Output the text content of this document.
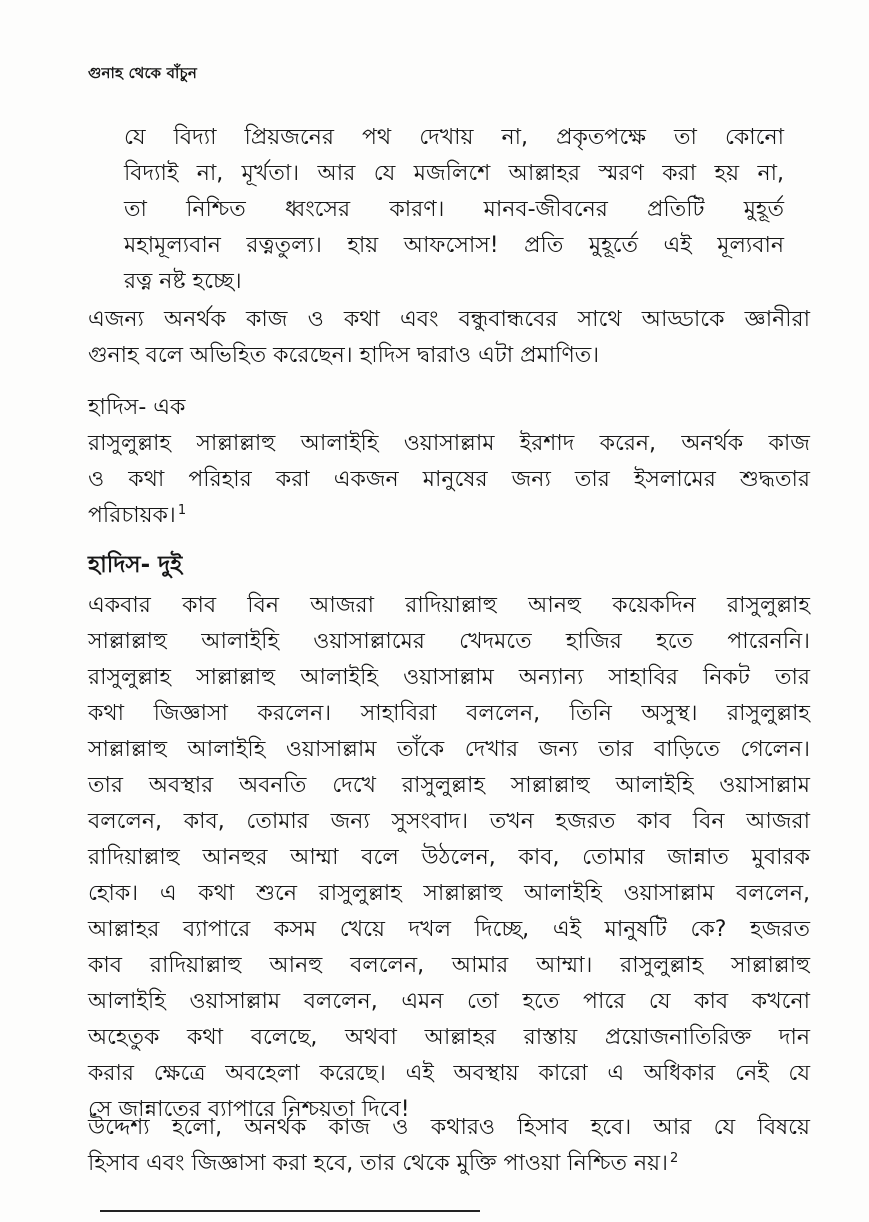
গুনাহ থেকে বাঁচুন
যে বিদ্যা প্রিয়জনের পথ দেখায় না, প্রকৃতপক্ষে তা কোনো
বিদ্যাই না, মূর্খতা। আর যে মজলিশে আল্লাহর স্মরণ করা হয় না,
তা নিশ্চিত ধ্বংসের কারণ। মানব-জীবনের প্রতিটি মুহূর্ত
মহামূল্যবান রত্নতুল্য। হায় আফসোস! প্রতি মুহূর্তে এই মূল্যবান
রত্ন নষ্ট হচ্ছে।
এজন্য অনর্থক কাজ ও কথা এবং বন্ধুবান্ধবের সাথে আড্ডাকে জ্ঞানীরা
গুনাহ বলে অভিহিত করেছেন। হাদিস দ্বারাও এটা প্রমাণিত।
হাদিস- এক
রাসুলুল্লাহ সাল্লাল্লাহু আলাইহি ওয়াসাল্লাম ইরশাদ করেন, অনর্থক কাজ
ও কথা পরিহার করা একজন মানুষের জন্য তার ইসলামের শুদ্ধতার
পরিচায়ক। $^1$
হাদিস- দুই
একবার কাব বিন আজরা রাদিয়াল্লাহু আনহু কয়েকদিন রাসুলুল্লাহ
সাল্লাল্লাহু আলাইহি ওয়াসাল্লামের খেদমতে হাজির হতে পারেননি।
রাসুলুল্লাহ সাল্লাল্লাহু আলাইহি ওয়াসাল্লাম অন্যান্য সাহাবির নিকট তার
কথা জিজ্ঞাসা করলেন। সাহাবিরা বললেন, তিনি অসুস্থ। রাসুলুল্লাহ
সাল্লাল্লাহু আলাইহি ওয়াসাল্লাম তাঁকে দেখার জন্য তার বাড়িতে গেলেন।
তার অবস্থার অবনতি দেখে রাসুলুল্লাহ সাল্লাল্লাহু আলাইহি ওয়াসাল্লাম
বললেন, কাব, তোমার জন্য সুসংবাদ। তখন হজরত কাব বিন আজরা
রাদিয়াল্লাহু আনহুর আম্মা বলে উঠলেন, কাব, তোমার জান্নাত মুবারক
হোক। এ কথা শুনে রাসুলুল্লাহ সাল্লাল্লাহু আলাইহি ওয়াসাল্লাম বললেন,
আল্লাহর ব্যাপারে কসম খেয়ে দখল দিচ্ছে, এই মানুষটি কে? হজরত
কাব রাদিয়াল্লাহু আনহু বললেন, আমার আম্মা। রাসুলুল্লাহ সাল্লাল্লাহু
আলাইহি ওয়াসাল্লাম বললেন, এমন তো হতে পারে যে কাব কখনো
অহেতুক কথা বলেছে, অথবা আল্লাহর রাস্তায় প্রয়োজনাতিরিক্ত দান
করার ক্ষেত্রে অবহেলা করেছে। এই অবস্থায় কারো এ অধিকার নেই যে
সে জান্নাতের ব্যাপারে নিশ্চয়তা দিবে!
উদ্দেশ্য হলো, অনর্থক কাজ ও কথারও হিসাব হবে। আর যে বিষয়ে
হিসাব এবং জিজ্ঞাসা করা হবে, তার থেকে মুক্তি পাওয়া নিশ্চিত নয়। $^2$
